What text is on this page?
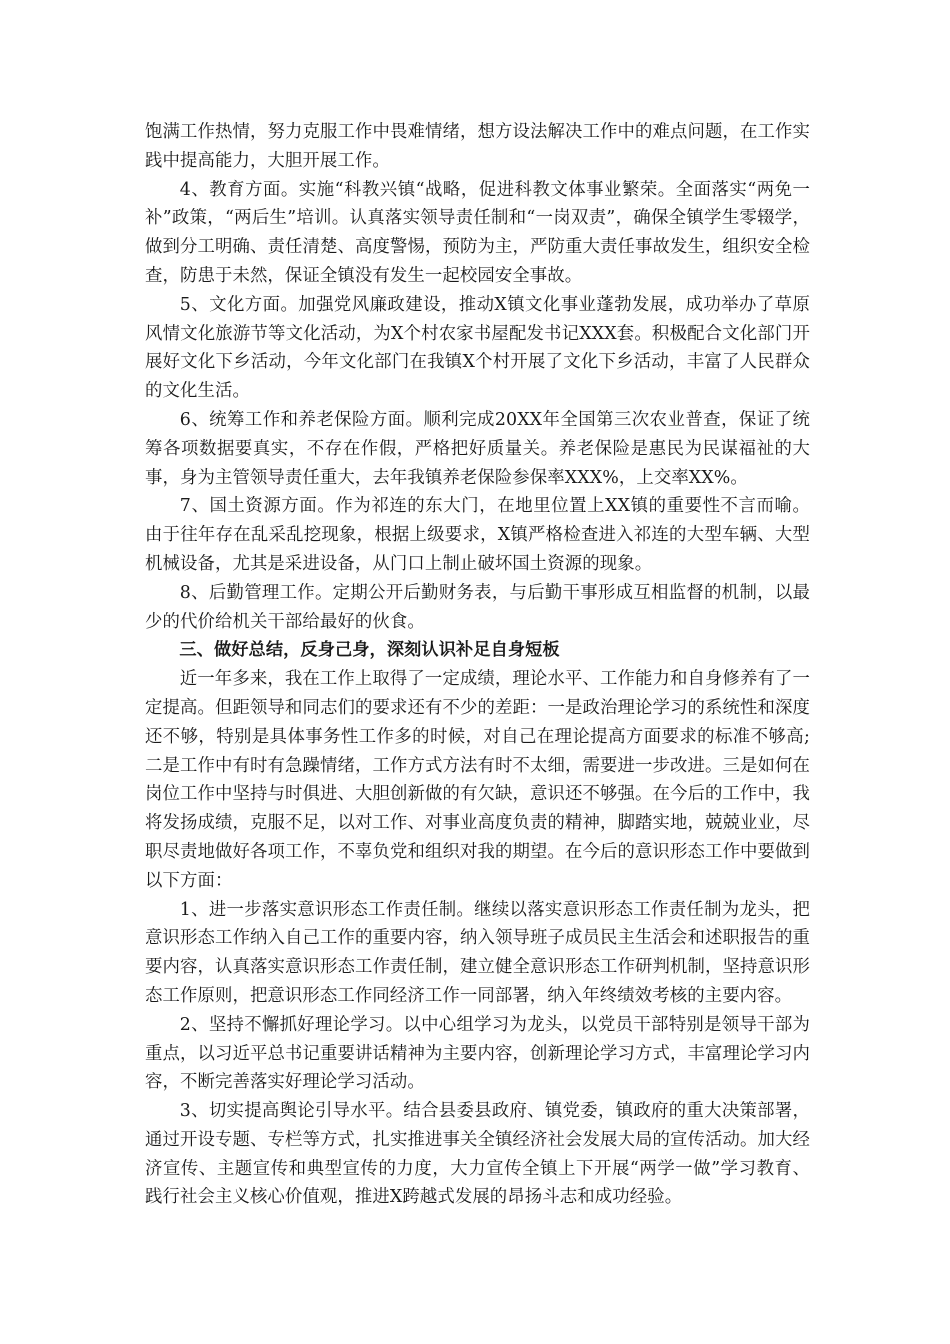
饱满工作热情，努力克服工作中畏难情绪，想方设法解决工作中的难点问题，在工作实践中提高能力，大胆开展工作。

4、教育方面。实施“科教兴镇“战略，促进科教文体事业繁荣。全面落实“两免一补”政策，“两后生”培训。认真落实领导责任制和“一岗双责”，确保全镇学生零辍学，做到分工明确、责任清楚、高度警惕，预防为主，严防重大责任事故发生，组织安全检查，防患于未然，保证全镇没有发生一起校园安全事故。

5、文化方面。加强党风廉政建设，推动X镇文化事业蓬勃发展，成功举办了草原风情文化旅游节等文化活动，为X个村农家书屋配发书记XXX套。积极配合文化部门开展好文化下乡活动，今年文化部门在我镇X个村开展了文化下乡活动，丰富了人民群众的文化生活。

6、统筹工作和养老保险方面。顺利完成20XX年全国第三次农业普查，保证了统筹各项数据要真实，不存在作假，严格把好质量关。养老保险是惠民为民谋福祉的大事，身为主管领导责任重大，去年我镇养老保险参保率XXX%，上交率XX%。

7、国土资源方面。作为祁连的东大门，在地里位置上XX镇的重要性不言而喻。由于往年存在乱采乱挖现象，根据上级要求，X镇严格检查进入祁连的大型车辆、大型机械设备，尤其是采进设备，从门口上制止破坏国土资源的现象。

8、后勤管理工作。定期公开后勤财务表，与后勤干事形成互相监督的机制，以最少的代价给机关干部给最好的伙食。

三、做好总结，反身己身，深刻认识补足自身短板

近一年多来，我在工作上取得了一定成绩，理论水平、工作能力和自身修养有了一定提高。但距领导和同志们的要求还有不少的差距：一是政治理论学习的系统性和深度还不够，特别是具体事务性工作多的时候，对自己在理论提高方面要求的标准不够高;二是工作中有时有急躁情绪，工作方式方法有时不太细，需要进一步改进。三是如何在岗位工作中坚持与时俱进、大胆创新做的有欠缺，意识还不够强。在今后的工作中，我将发扬成绩，克服不足，以对工作、对事业高度负责的精神，脚踏实地，兢兢业业，尽职尽责地做好各项工作，不辜负党和组织对我的期望。在今后的意识形态工作中要做到以下方面：

1、进一步落实意识形态工作责任制。继续以落实意识形态工作责任制为龙头，把意识形态工作纳入自己工作的重要内容，纳入领导班子成员民主生活会和述职报告的重要内容，认真落实意识形态工作责任制，建立健全意识形态工作研判机制，坚持意识形态工作原则，把意识形态工作同经济工作一同部署，纳入年终绩效考核的主要内容。

2、坚持不懈抓好理论学习。以中心组学习为龙头，以党员干部特别是领导干部为重点，以习近平总书记重要讲话精神为主要内容，创新理论学习方式，丰富理论学习内容，不断完善落实好理论学习活动。

3、切实提高舆论引导水平。结合县委县政府、镇党委，镇政府的重大决策部署，通过开设专题、专栏等方式，扎实推进事关全镇经济社会发展大局的宣传活动。加大经济宣传、主题宣传和典型宣传的力度，大力宣传全镇上下开展“两学一做”学习教育、践行社会主义核心价值观，推进X跨越式发展的昂扬斗志和成功经验。
